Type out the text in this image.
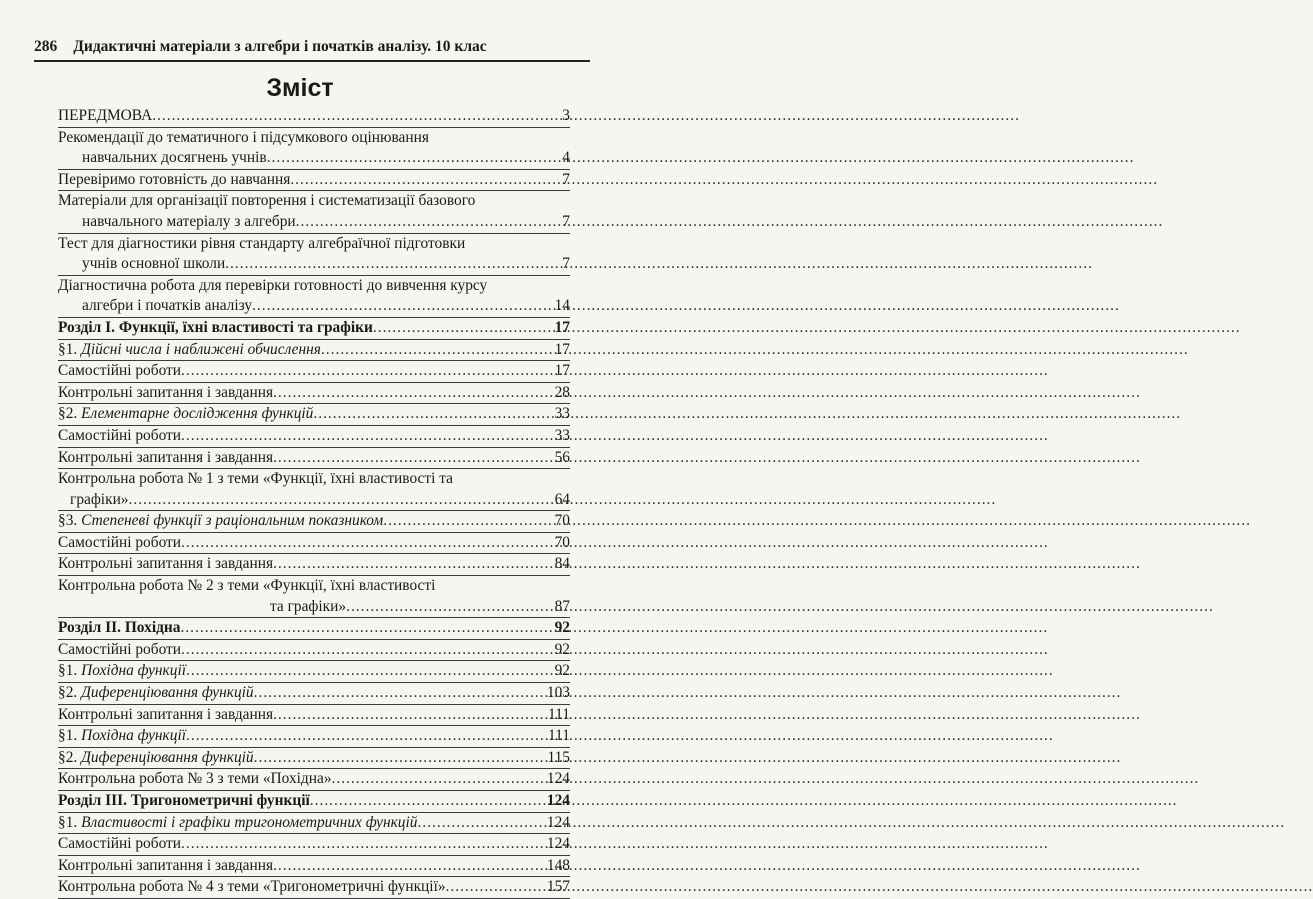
286 Дидактичні матеріали з алгебри і початків аналізу. 10 клас
Зміст
ПЕРЕДМОВА .....	3
Рекомендації до тематичного і підсумкового оцінювання
навчальних досягнень учнів .....	4
Перевіримо готовність до навчання .....	7
Матеріали для організації повторення і систематизації базового
навчального матеріалу з алгебри .....	7
Тест для діагностики рівня стандарту алгебраїчної підготовки
учнів основної школи .....	7
Діагностична робота для перевірки готовності до вивчення курсу
алгебри і початків аналізу .....	14
Розділ І. Функції, їхні властивості та графіки .....	17
§1. Дійсні числа і наближені обчислення .....	17
Самостійні роботи .....	17
Контрольні запитання і завдання .....	28
§2. Елементарне дослідження функцій .....	33
Самостійні роботи .....	33
Контрольні запитання і завдання .....	56
Контрольна робота № 1 з теми «Функції, їхні властивості та
графіки» .....	64
§3. Степеневі функції з раціональним показником .....	70
Самостійні роботи .....	70
Контрольні запитання і завдання .....	84
Контрольна робота № 2 з теми «Функції, їхні властивості
та графіки» .....	87
Розділ II. Похідна .....	92
Самостійні роботи .....	92
§1. Похідна функції .....	92
§2. Диференціювання функцій .....	103
Контрольні запитання і завдання .....	111
§1. Похідна функції .....	111
§2. Диференціювання функцій .....	115
Контрольна робота № 3 з теми «Похідна» .....	124
Розділ III. Тригонометричні функції .....	124
§1. Властивості і графіки тригонометричних функцій .....	124
Самостійні роботи .....	124
Контрольні запитання і завдання .....	148
Контрольна робота № 4 з теми «Тригонометричні функції» .....	157
